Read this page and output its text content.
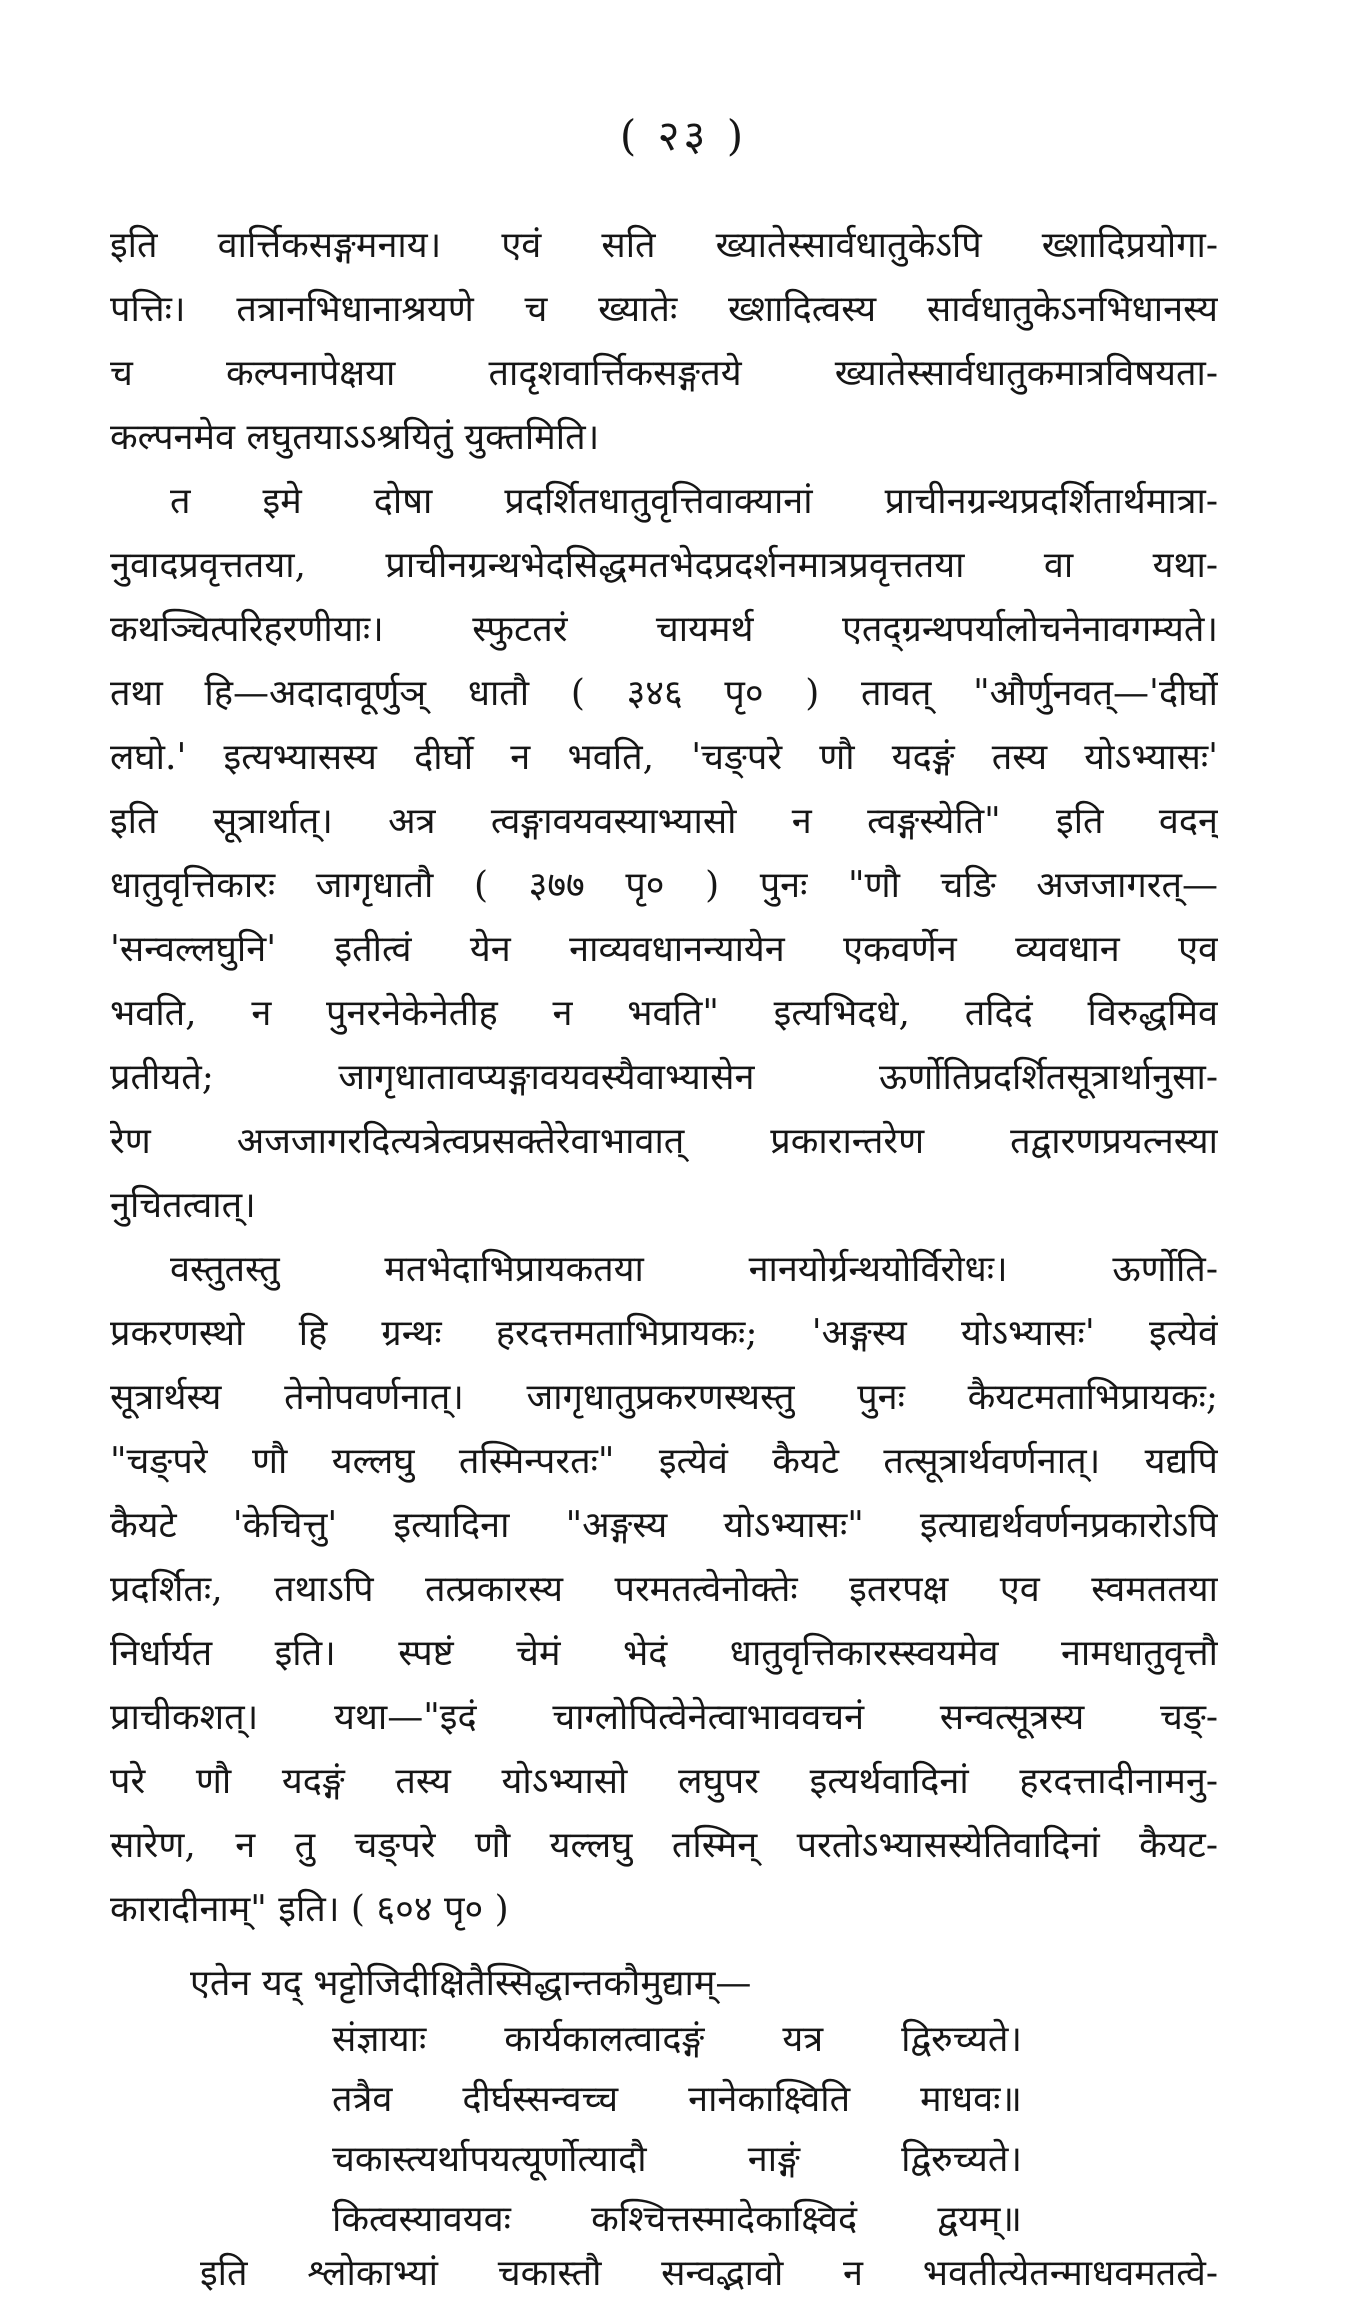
( २३ )
इति वार्त्तिकसङ्गमनाय। एवं सति ख्यातेस्सार्वधातुकेऽपि ख्शादिप्रयोगा-
पत्तिः। तत्रानभिधानाश्रयणे च ख्यातेः ख्शादित्वस्य सार्वधातुकेऽनभिधानस्य
च कल्पनापेक्षया तादृशवार्त्तिकसङ्गतये ख्यातेस्सार्वधातुकमात्रविषयता-
कल्पनमेव लघुतयाऽऽश्रयितुं युक्तमिति।
त इमे दोषा प्रदर्शितधातुवृत्तिवाक्यानां प्राचीनग्रन्थप्रदर्शितार्थमात्रा-
नुवादप्रवृत्ततया, प्राचीनग्रन्थभेदसिद्धमतभेदप्रदर्शनमात्रप्रवृत्ततया वा यथा-
कथञ्चित्परिहरणीयाः। स्फुटतरं चायमर्थ एतद्ग्रन्थपर्यालोचनेनावगम्यते।
तथा हि—अदादावूर्णुञ् धातौ ( ३४६ पृ० ) तावत् "और्णुनवत्—'दीर्घो
लघो.' इत्यभ्यासस्य दीर्घो न भवति, 'चङ्परे णौ यदङ्गं तस्य योऽभ्यासः'
इति सूत्रार्थात्। अत्र त्वङ्गावयवस्याभ्यासो न त्वङ्गस्येति" इति वदन्
धातुवृत्तिकारः जागृधातौ ( ३७७ पृ० ) पुनः "णौ चङि अजजागरत्—
'सन्वल्लघुनि' इतीत्वं येन नाव्यवधानन्यायेन एकवर्णेन व्यवधान एव
भवति, न पुनरनेकेनेतीह न भवति" इत्यभिदधे, तदिदं विरुद्धमिव
प्रतीयते; जागृधातावप्यङ्गावयवस्यैवाभ्यासेन ऊर्णोतिप्रदर्शितसूत्रार्थानुसा-
रेण अजजागरदित्यत्रेत्वप्रसक्तेरेवाभावात् प्रकारान्तरेण तद्वारणप्रयत्नस्या
नुचितत्वात्।
वस्तुतस्तु मतभेदाभिप्रायकतया नानयोर्ग्रन्थयोर्विरोधः। ऊर्णोति-
प्रकरणस्थो हि ग्रन्थः हरदत्तमताभिप्रायकः; 'अङ्गस्य योऽभ्यासः' इत्येवं
सूत्रार्थस्य तेनोपवर्णनात्। जागृधातुप्रकरणस्थस्तु पुनः कैयटमताभिप्रायकः;
"चङ्परे णौ यल्लघु तस्मिन्परतः" इत्येवं कैयटे तत्सूत्रार्थवर्णनात्। यद्यपि
कैयटे 'केचित्तु' इत्यादिना "अङ्गस्य योऽभ्यासः" इत्याद्यर्थवर्णनप्रकारोऽपि
प्रदर्शितः, तथाऽपि तत्प्रकारस्य परमतत्वेनोक्तेः इतरपक्ष एव स्वमततया
निर्धार्यत इति। स्पष्टं चेमं भेदं धातुवृत्तिकारस्स्वयमेव नामधातुवृत्तौ
प्राचीकशत्। यथा—"इदं चाग्लोपित्वेनेत्वाभाववचनं सन्वत्सूत्रस्य चङ्-
परे णौ यदङ्गं तस्य योऽभ्यासो लघुपर इत्यर्थवादिनां हरदत्तादीनामनु-
सारेण, न तु चङ्परे णौ यल्लघु तस्मिन् परतोऽभ्यासस्येतिवादिनां कैयट-
कारादीनाम्" इति। ( ६०४ पृ० )
एतेन यद् भट्टोजिदीक्षितैस्सिद्धान्तकौमुद्याम्—
संज्ञायाः कार्यकालत्वादङ्गं यत्र द्विरुच्यते।
तत्रैव दीर्घस्सन्वच्च नानेकाक्ष्विति माधवः॥
चकास्त्यर्थापयत्यूर्णोत्यादौ नाङ्गं द्विरुच्यते।
कित्वस्यावयवः कश्चित्तस्मादेकाक्ष्विदं द्वयम्॥
इति श्लोकाभ्यां चकास्तौ सन्वद्भावो न भवतीत्येतन्माधवमतत्वे-
